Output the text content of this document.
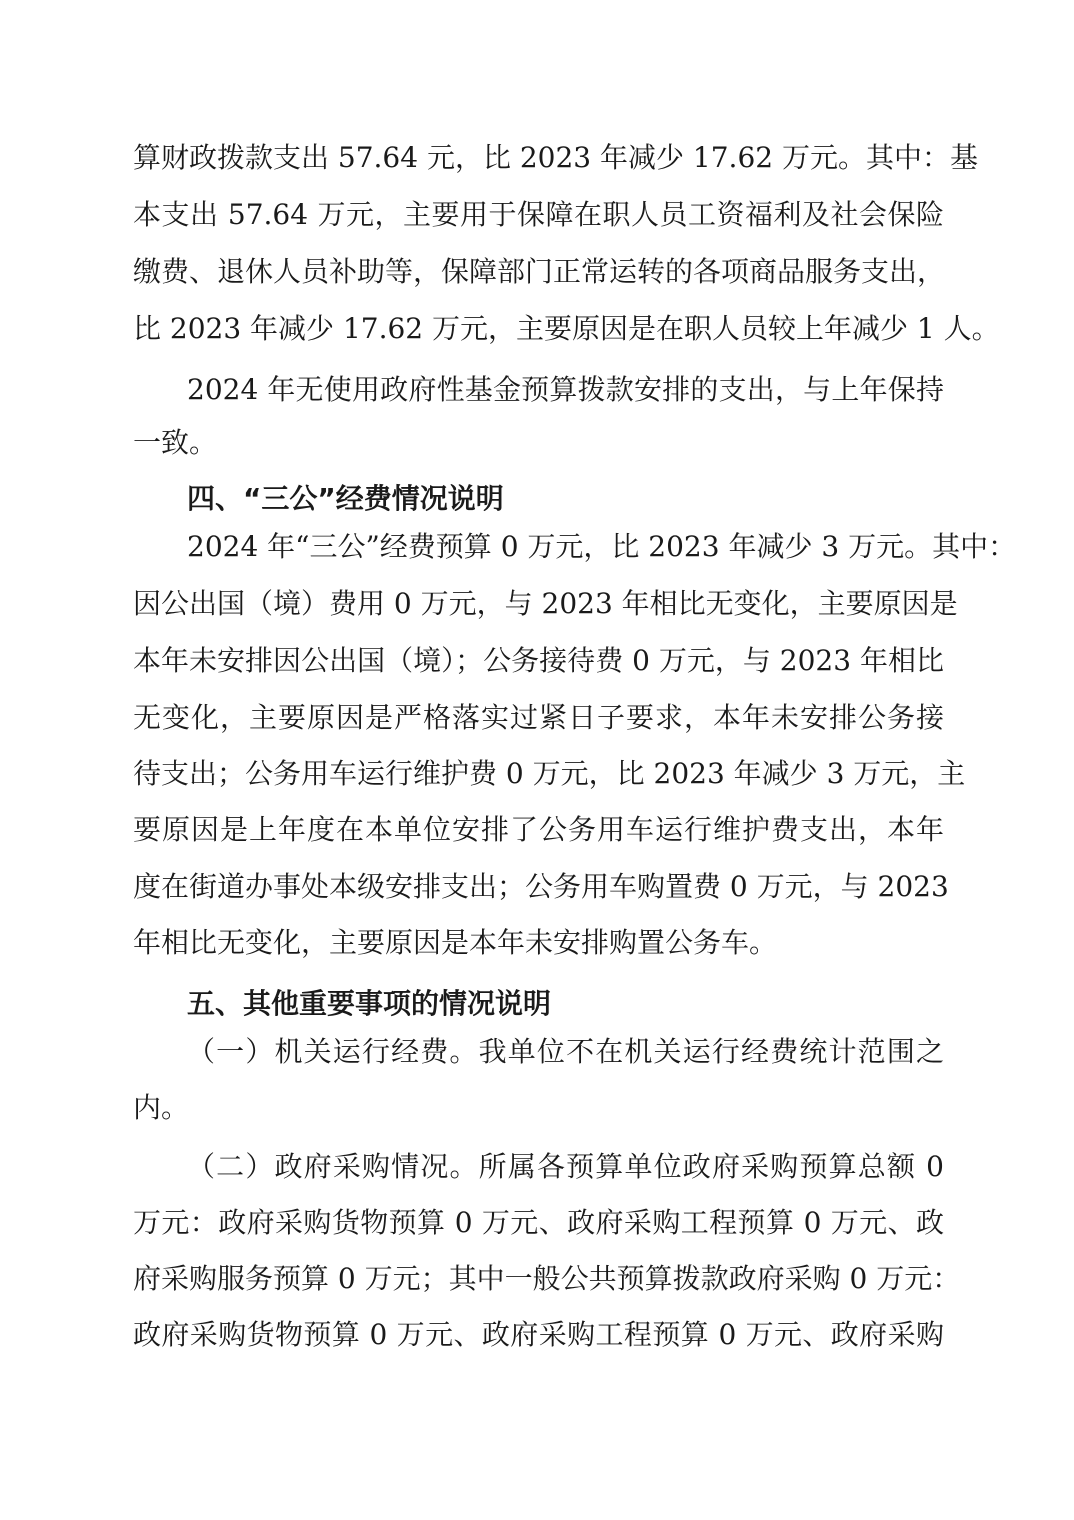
算财政拨款支出 57.64 元，比 2023 年减少 17.62 万元。其中：基
本支出 57.64 万元，主要用于保障在职人员工资福利及社会保险
缴费、退休人员补助等，保障部门正常运转的各项商品服务支出，
比 2023 年减少 17.62 万元，主要原因是在职人员较上年减少 1 人。
2024 年无使用政府性基金预算拨款安排的支出，与上年保持
一致。
四、“三公”经费情况说明
2024 年“三公”经费预算 0 万元，比 2023 年减少 3 万元。其中：
因公出国（境）费用 0 万元，与 2023 年相比无变化，主要原因是
本年未安排因公出国（境）；公务接待费 0 万元，与 2023 年相比
无变化，主要原因是严格落实过紧日子要求，本年未安排公务接
待支出；公务用车运行维护费 0 万元，比 2023 年减少 3 万元，主
要原因是上年度在本单位安排了公务用车运行维护费支出，本年
度在街道办事处本级安排支出；公务用车购置费 0 万元，与 2023
年相比无变化，主要原因是本年未安排购置公务车。
五、其他重要事项的情况说明
（一）机关运行经费。我单位不在机关运行经费统计范围之
内。
（二）政府采购情况。所属各预算单位政府采购预算总额 0
万元：政府采购货物预算 0 万元、政府采购工程预算 0 万元、政
府采购服务预算 0 万元；其中一般公共预算拨款政府采购 0 万元：
政府采购货物预算 0 万元、政府采购工程预算 0 万元、政府采购
